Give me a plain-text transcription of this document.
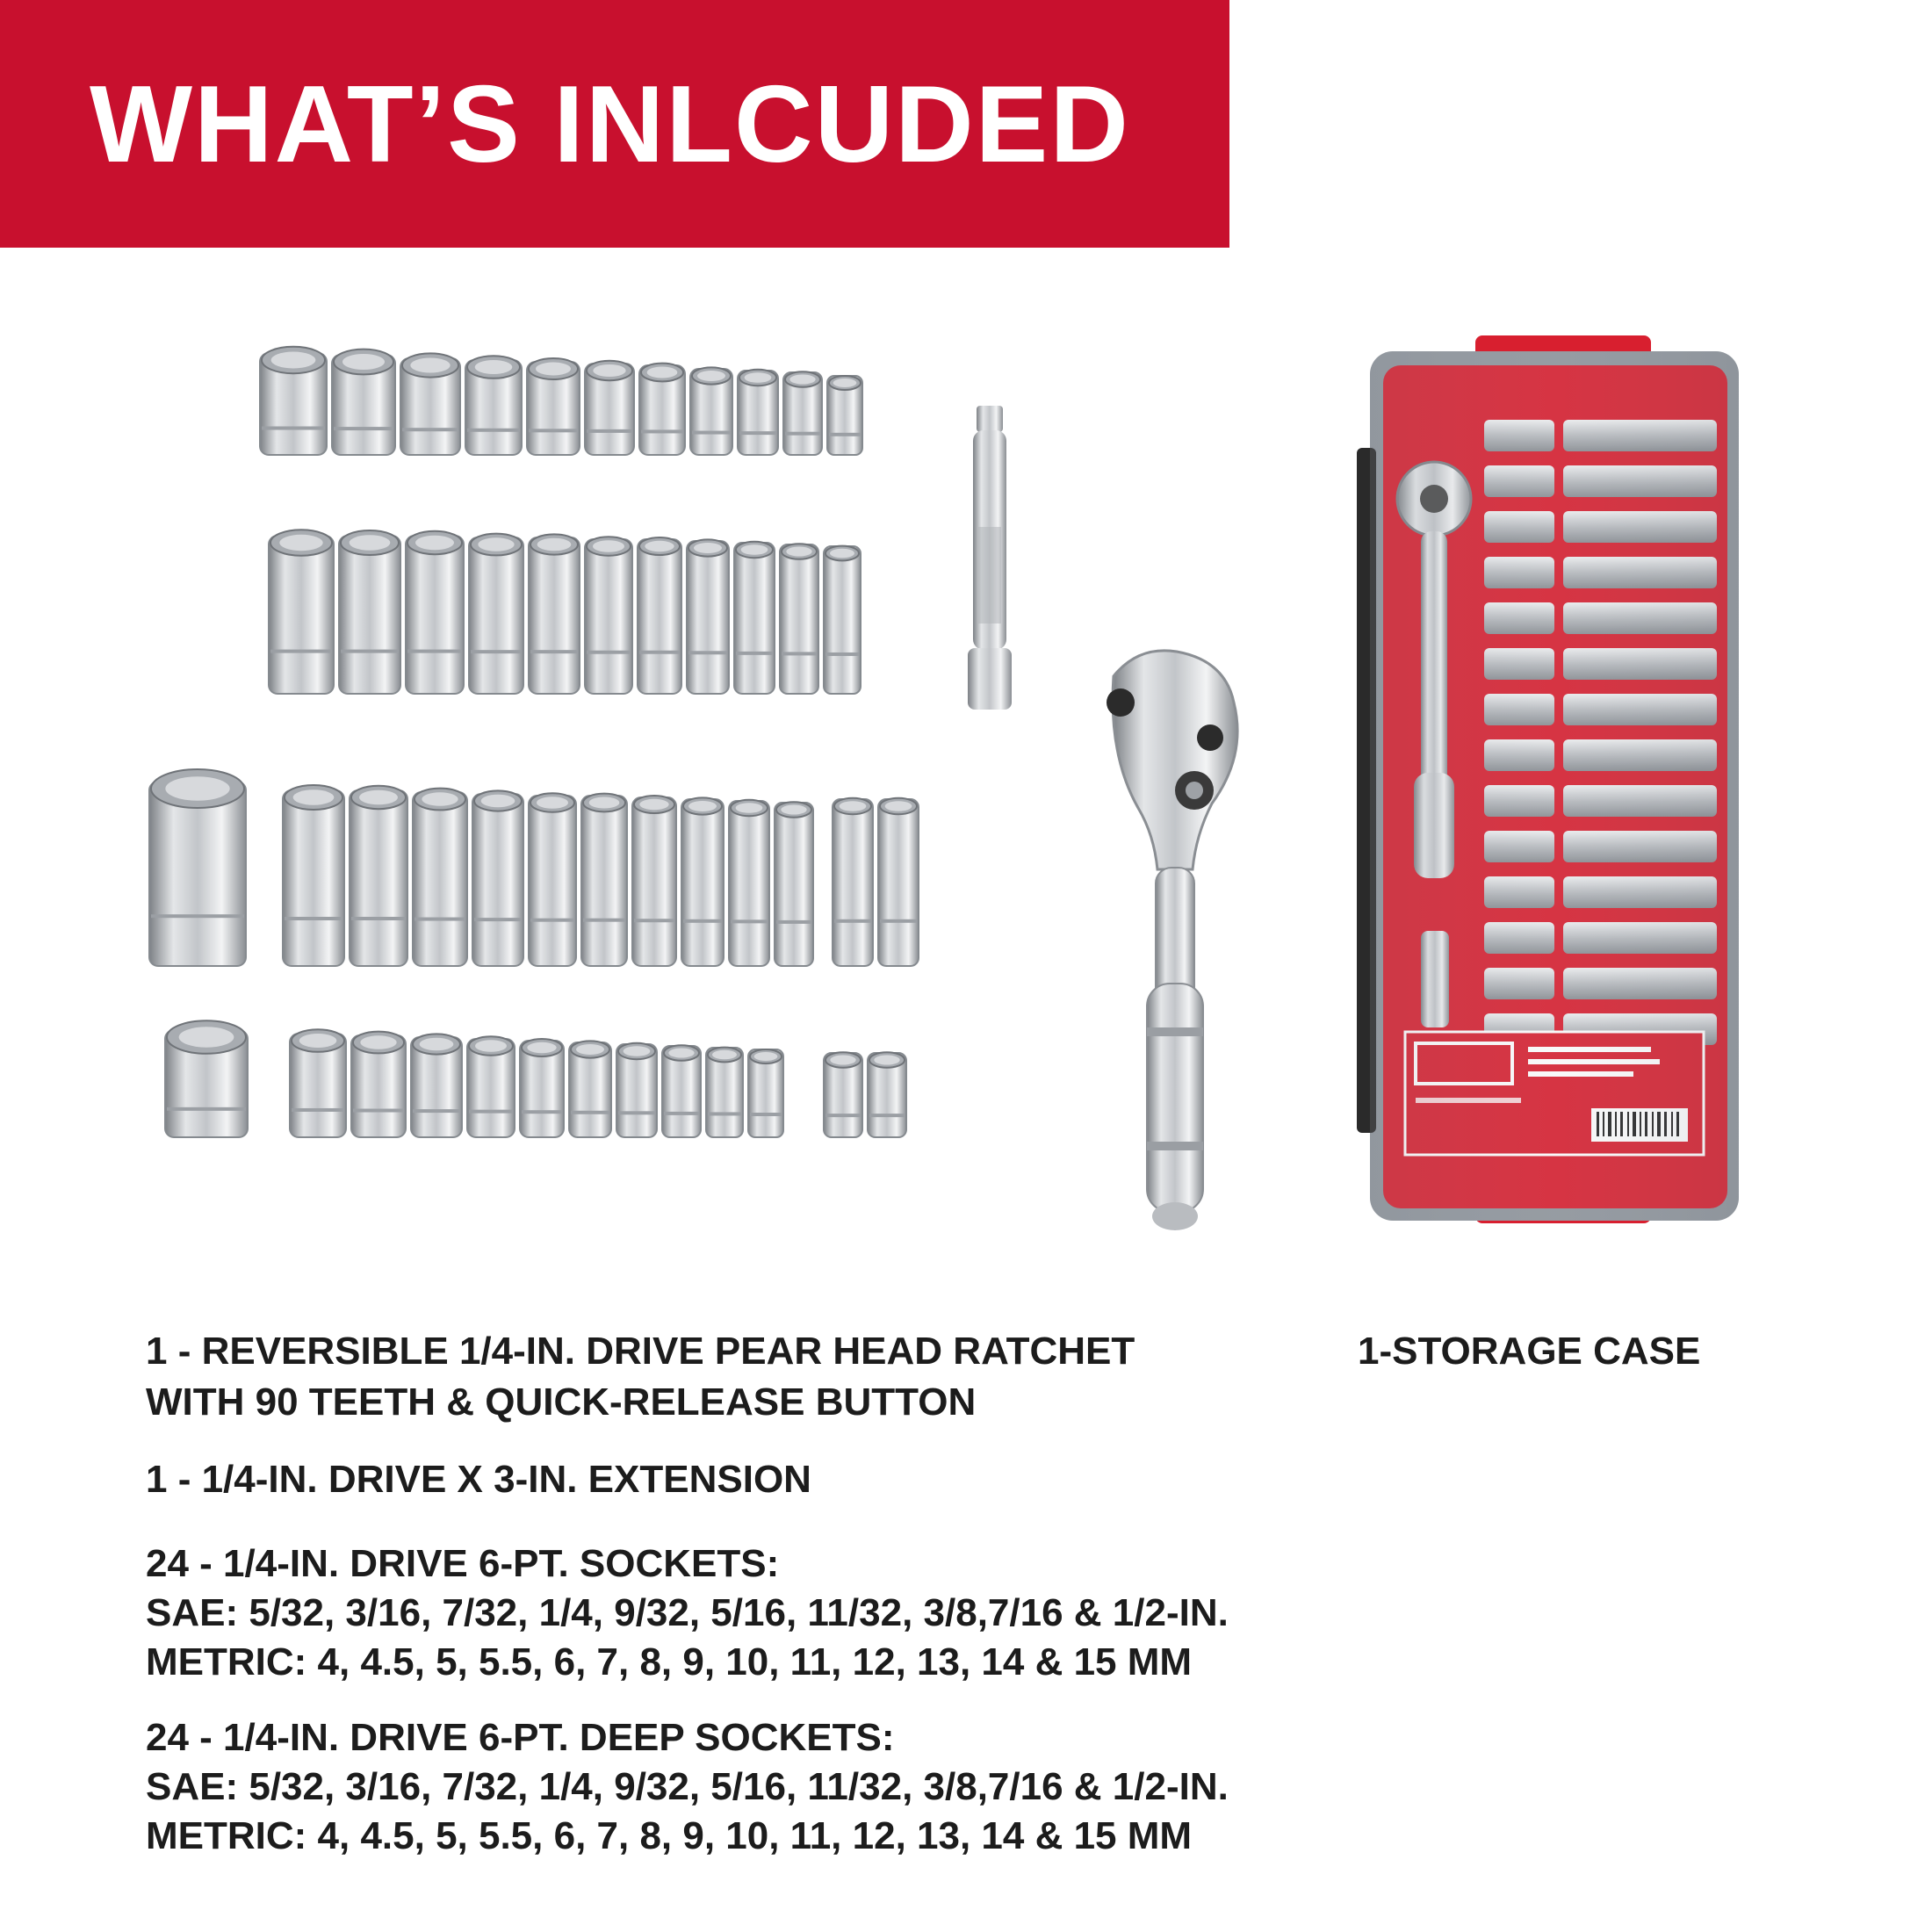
WHAT’S INLCUDED
1 - REVERSIBLE 1/4-IN. DRIVE PEAR HEAD RATCHET
WITH 90 TEETH & QUICK-RELEASE BUTTON
1-STORAGE CASE
1 - 1/4-IN. DRIVE X 3-IN. EXTENSION
24 - 1/4-IN. DRIVE 6-PT. SOCKETS:
SAE: 5/32, 3/16, 7/32, 1/4, 9/32, 5/16, 11/32, 3/8,7/16 & 1/2-IN.
METRIC: 4, 4.5, 5, 5.5, 6, 7, 8, 9, 10, 11, 12, 13, 14 & 15 MM
24 - 1/4-IN. DRIVE 6-PT. DEEP SOCKETS:
SAE: 5/32, 3/16, 7/32, 1/4, 9/32, 5/16, 11/32, 3/8,7/16 & 1/2-IN.
METRIC: 4, 4.5, 5, 5.5, 6, 7, 8, 9, 10, 11, 12, 13, 14 & 15 MM
